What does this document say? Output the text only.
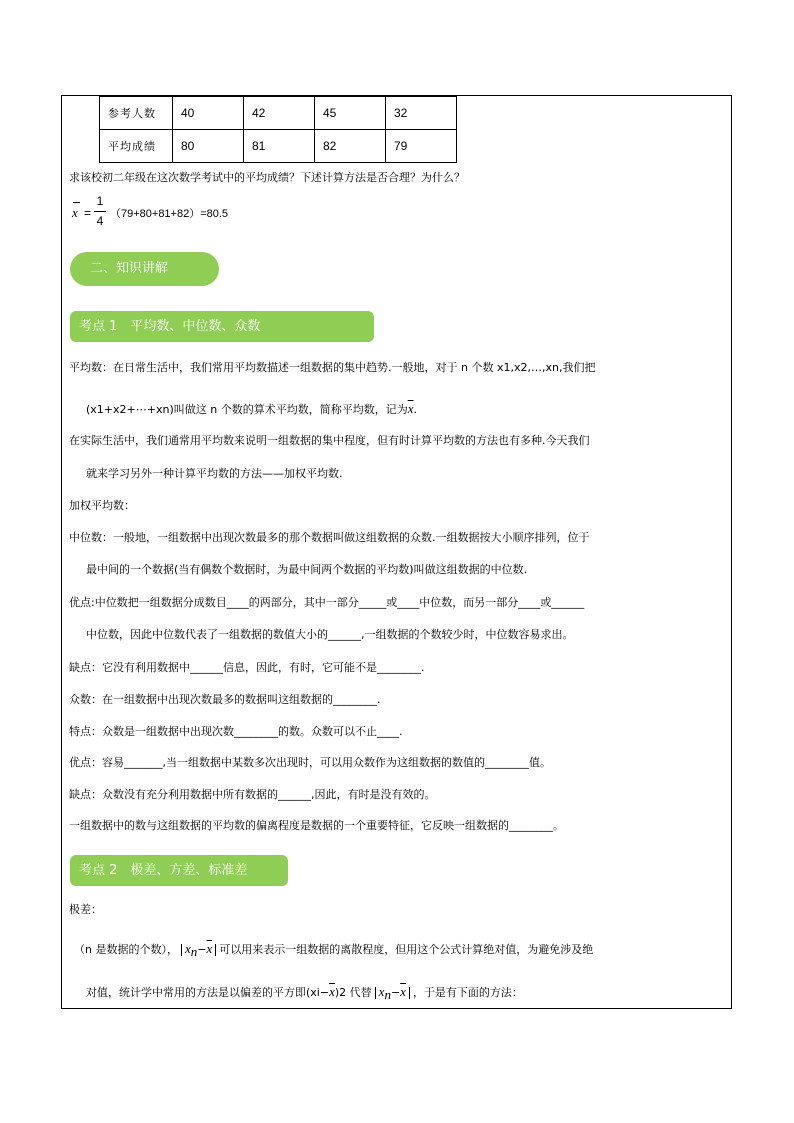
参考人数	40	42	45	32
平均成绩	80	81	82	79
求该校初二年级在这次数学考试中的平均成绩？下述计算方法是否合理？为什么？
x =
1
4 （79+80+81+82）=80.5
二、知识讲解
考点 1　平均数、中位数、众数
平均数：在日常生活中，我们常用平均数描述一组数据的集中趋势.一般地，对于 n 个数 x1,x2,…,xn,我们把
(x1+x2+⋯+xn)叫做这 n 个数的算术平均数，简称平均数，记为$\overline{x}$.
在实际生活中，我们通常用平均数来说明一组数据的集中程度，但有时计算平均数的方法也有多种.今天我们
就来学习另外一种计算平均数的方法——加权平均数.
加权平均数：
中位数：一般地，一组数据中出现次数最多的那个数据叫做这组数据的众数.一组数据按大小顺序排列，位于
最中间的一个数据(当有偶数个数据时，为最中间两个数据的平均数)叫做这组数据的中位数.
优点:中位数把一组数据分成数目____的两部分，其中一部分_____或____中位数，而另一部分____或______
中位数，因此中位数代表了一组数据的数值大小的______,一组数据的个数较少时，中位数容易求出。
缺点：它没有利用数据中______信息，因此，有时，它可能不是________.
众数：在一组数据中出现次数最多的数据叫这组数据的________.
特点：众数是一组数据中出现次数________的数。众数可以不止____.
优点：容易_______,当一组数据中某数多次出现时，可以用众数作为这组数据的数值的________值。
缺点：众数没有充分利用数据中所有数据的______,因此，有时是没有效的。
一组数据中的数与这组数据的平均数的偏离程度是数据的一个重要特征，它反映一组数据的________。
考点 2　极差、方差、标准差
极差：
（n 是数据的个数）， $x_n-\overline{x}$ 可以用来表示一组数据的离散程度，但用这个公式计算绝对值，为避免涉及绝
对值，统计学中常用的方法是以偏差的平方即$(xi-\overline{x})2$ 代替 $x_n-\overline{x}$ ，于是有下面的方法：
